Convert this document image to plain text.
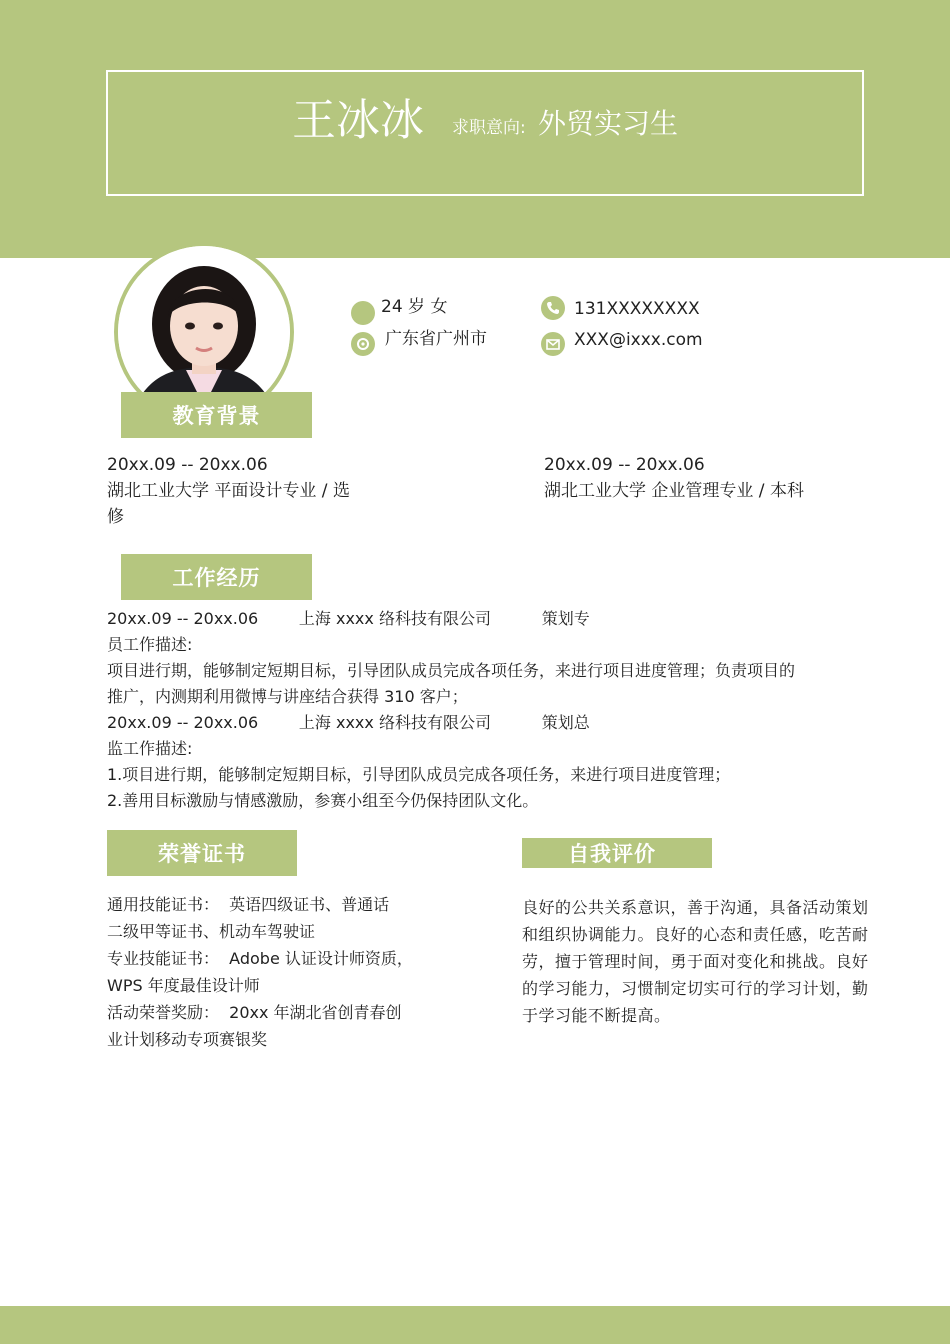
王冰冰 求职意向: 外贸实习生
24 岁 女
广东省广州市
131XXXXXXXX
XXX@ixxx.com
教育背景

20xx.09 -- 20xx.06

湖北工业大学 平面设计专业 / 选

修

20xx.09 -- 20xx.06

湖北工业大学 企业管理专业 / 本科

工作经历

20xx.09 -- 20xx.06        上海 xxxx 络科技有限公司          策划专

员工作描述:

项目进行期，能够制定短期目标，引导团队成员完成各项任务，来进行项目进度管理；负责项目的

推广，内测期利用微博与讲座结合获得 310 客户；

20xx.09 -- 20xx.06        上海 xxxx 络科技有限公司          策划总

监工作描述:

1.项目进行期，能够制定短期目标，引导团队成员完成各项任务，来进行项目进度管理；

2.善用目标激励与情感激励，参赛小组至今仍保持团队文化。

荣誉证书

通用技能证书：  英语四级证书、普通话

二级甲等证书、机动车驾驶证

专业技能证书：  Adobe 认证设计师资质，

WPS 年度最佳设计师

活动荣誉奖励：  20xx 年湖北省创青春创

业计划移动专项赛银奖

自我评价
良好的公共关系意识，善于沟通，具备活动策划和组织协调能力。良好的心态和责任感，吃苦耐劳，擅于管理时间，勇于面对变化和挑战。良好的学习能力，习惯制定切实可行的学习计划，勤于学习能不断提高。
